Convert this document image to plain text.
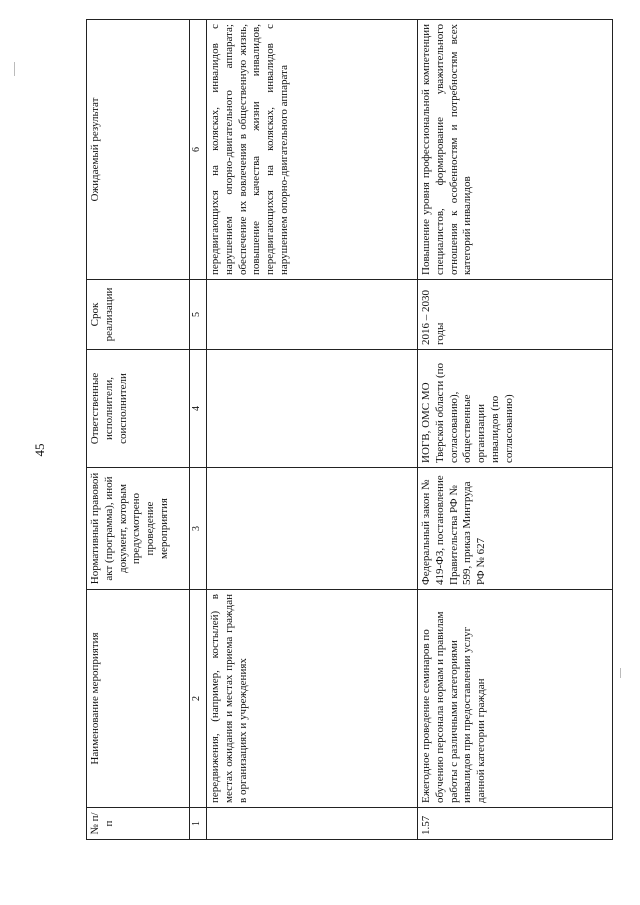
45
№ п/п	Наименование мероприятия	Нормативный правовой акт (программа), иной документ, которым предусмотрено проведение мероприятия	Ответственные исполнители, соисполнители	Срок реализации	Ожидаемый результат
1	2	3	4	5	6
	передвижения, (например, костылей) в местах ожидания и местах приема граждан в организациях и учреждениях				передвигающихся на колясках, инвалидов с нарушением опорно-двигательного аппарата; обеспечение их вовлечения в общественную жизнь, повышение качества жизни инвалидов, передвигающихся на колясках, инвалидов с нарушением опорно-двигательного аппарата
1.57	Ежегодное проведение семинаров по обучению персонала нормам и правилам работы с различными категориями инвалидов при предоставлении услуг данной категории граждан	Федеральный закон № 419-ФЗ, постановление Правительства РФ № 599, приказ Минтруда РФ № 627	ИОГВ, ОМС МО Тверской области (по согласованию), общественные организации инвалидов (по согласованию)	2016 – 2030 годы	Повышение уровня профессиональной компетенции специалистов, формирование уважительного отношения к особенностям и потребностям всех категорий инвалидов
